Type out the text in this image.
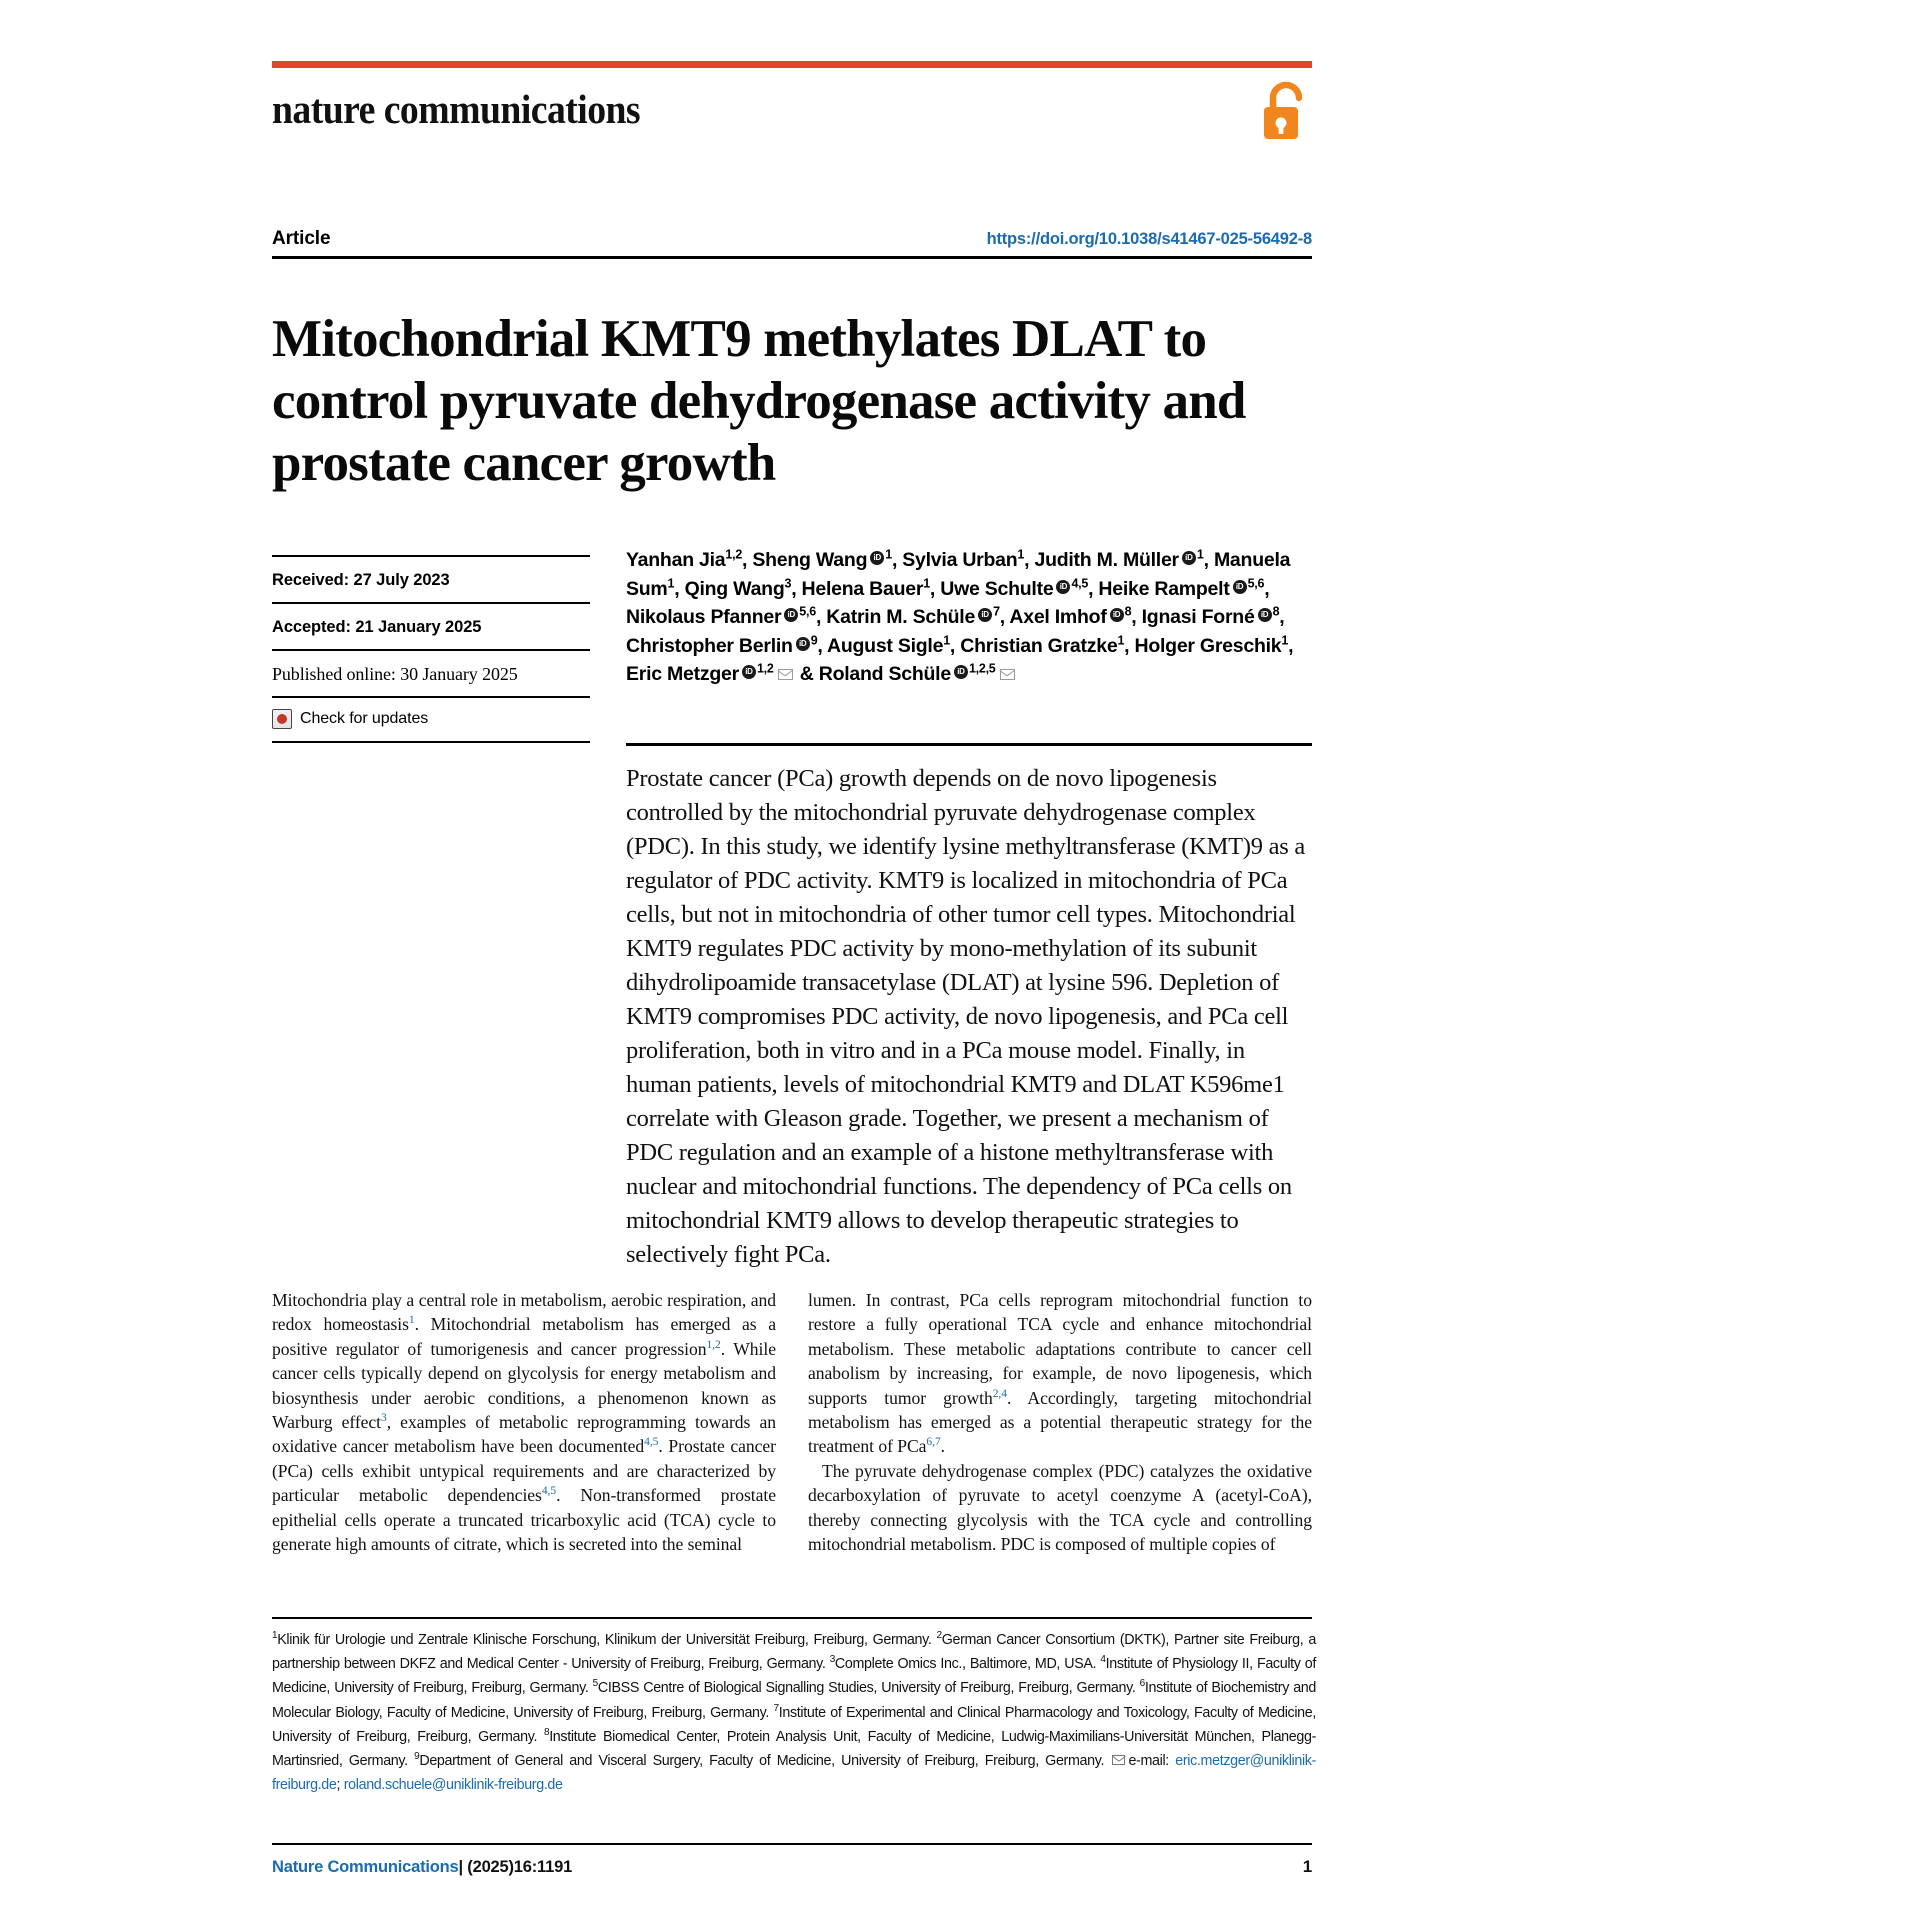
nature communications
Article	https://doi.org/10.1038/s41467-025-56492-8
Mitochondrial KMT9 methylates DLAT to control pyruvate dehydrogenase activity and prostate cancer growth
Received: 27 July 2023
Accepted: 21 January 2025
Published online: 30 January 2025
Check for updates
Yanhan Jia$^{1,2}$, Sheng Wang iD $^1$, Sylvia Urban$^1$, Judith M. Müller iD $^1$, Manuela Sum$^1$, Qing Wang$^3$, Helena Bauer$^1$, Uwe Schulte iD $^{4,5}$, Heike Rampelt iD $^{5,6}$, Nikolaus Pfanner iD $^{5,6}$, Katrin M. Schüle iD $^7$, Axel Imhof iD $^8$, Ignasi Forné iD $^8$, Christopher Berlin iD $^9$, August Sigle$^1$, Christian Gratzke$^1$, Holger Greschik$^1$, Eric Metzger iD $^{1,2}$ & Roland Schüle iD $^{1,2,5}$
Prostate cancer (PCa) growth depends on de novo lipogenesis controlled by the mitochondrial pyruvate dehydrogenase complex (PDC). In this study, we identify lysine methyltransferase (KMT)9 as a regulator of PDC activity. KMT9 is localized in mitochondria of PCa cells, but not in mitochondria of other tumor cell types. Mitochondrial KMT9 regulates PDC activity by mono-methylation of its subunit dihydrolipoamide transacetylase (DLAT) at lysine 596. Depletion of KMT9 compromises PDC activity, de novo lipogenesis, and PCa cell proliferation, both in vitro and in a PCa mouse model. Finally, in human patients, levels of mitochondrial KMT9 and DLAT K596me1 correlate with Gleason grade. Together, we present a mechanism of PDC regulation and an example of a histone methyltransferase with nuclear and mitochondrial functions. The dependency of PCa cells on mitochondrial KMT9 allows to develop therapeutic strategies to selectively fight PCa.

Mitochondria play a central role in metabolism, aerobic respiration, and redox homeostasis$^1$. Mitochondrial metabolism has emerged as a positive regulator of tumorigenesis and cancer progression$^{1,2}$. While cancer cells typically depend on glycolysis for energy metabolism and biosynthesis under aerobic conditions, a phenomenon known as Warburg effect$^3$, examples of metabolic reprogramming towards an oxidative cancer metabolism have been documented$^{4,5}$. Prostate cancer (PCa) cells exhibit untypical requirements and are characterized by particular metabolic dependencies$^{4,5}$. Non-transformed prostate epithelial cells operate a truncated tricarboxylic acid (TCA) cycle to generate high amounts of citrate, which is secreted into the seminal

lumen. In contrast, PCa cells reprogram mitochondrial function to restore a fully operational TCA cycle and enhance mitochondrial metabolism. These metabolic adaptations contribute to cancer cell anabolism by increasing, for example, de novo lipogenesis, which supports tumor growth$^{2,4}$. Accordingly, targeting mitochondrial metabolism has emerged as a potential therapeutic strategy for the treatment of PCa$^{6,7}$.

The pyruvate dehydrogenase complex (PDC) catalyzes the oxidative decarboxylation of pyruvate to acetyl coenzyme A (acetyl-CoA), thereby connecting glycolysis with the TCA cycle and controlling mitochondrial metabolism. PDC is composed of multiple copies of

$^1$Klinik für Urologie und Zentrale Klinische Forschung, Klinikum der Universität Freiburg, Freiburg, Germany. $^2$German Cancer Consortium (DKTK), Partner site Freiburg, a partnership between DKFZ and Medical Center - University of Freiburg, Freiburg, Germany. $^3$Complete Omics Inc., Baltimore, MD, USA. $^4$Institute of Physiology II, Faculty of Medicine, University of Freiburg, Freiburg, Germany. $^5$CIBSS Centre of Biological Signalling Studies, University of Freiburg, Freiburg, Germany. $^6$Institute of Biochemistry and Molecular Biology, Faculty of Medicine, University of Freiburg, Freiburg, Germany. $^7$Institute of Experimental and Clinical Pharmacology and Toxicology, Faculty of Medicine, University of Freiburg, Freiburg, Germany. $^8$Institute Biomedical Center, Protein Analysis Unit, Faculty of Medicine, Ludwig-Maximilians-Universität München, Planegg-Martinsried, Germany. $^9$Department of General and Visceral Surgery, Faculty of Medicine, University of Freiburg, Freiburg, Germany. e-mail: eric.metzger@uniklinik-freiburg.de; roland.schuele@uniklinik-freiburg.de
Nature Communications| (2025)16:1191	1
